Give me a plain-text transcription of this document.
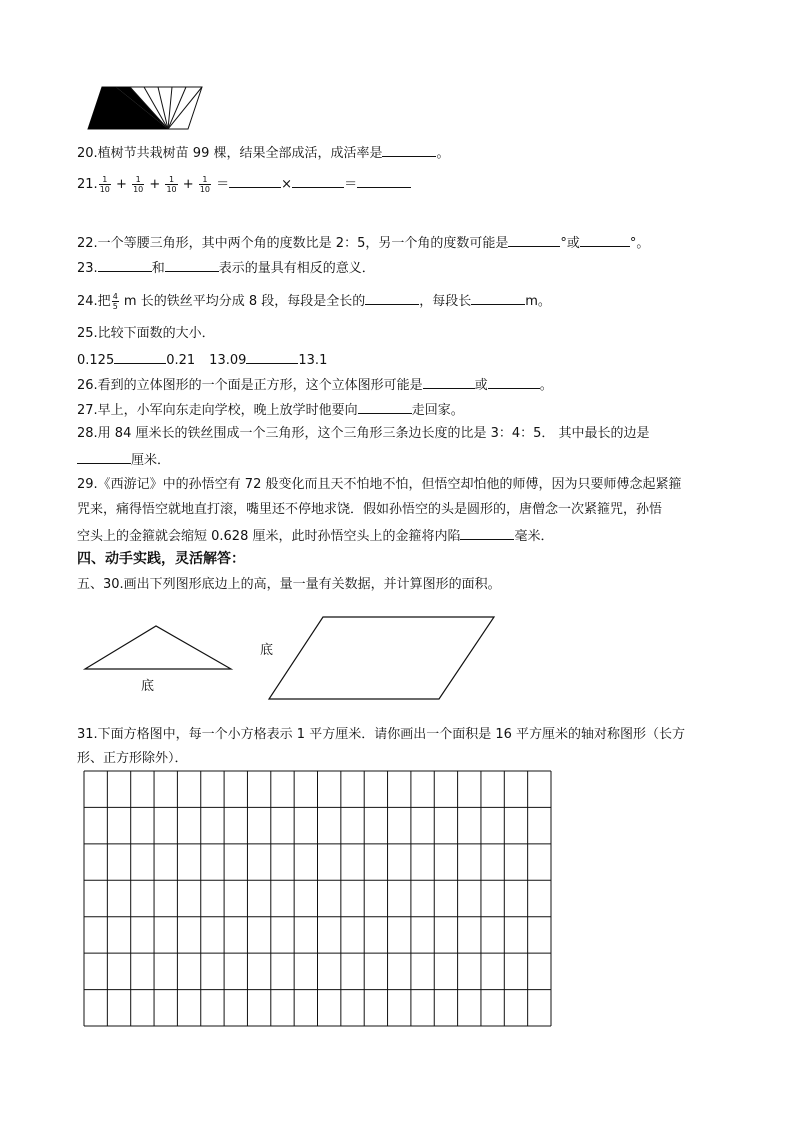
20.植树节共栽树苗 99 棵，结果全部成活，成活率是	。
21. $\frac{1}{10} + \frac{1}{10} + \frac{1}{10} + \frac{1}{10}$ ＝	×	＝
22.一个等腰三角形，其中两个角的度数比是 2：5，另一个角的度数可能是	°或	°。
23.	和	表示的量具有相反的意义．
24.把 $\frac{4}{5}$ m 长的铁丝平均分成 8 段，每段是全长的	，每段长	m。
25.比较下面数的大小．
0.125	0.21 13.09	13.1
26.看到的立体图形的一个面是正方形，这个立体图形可能是	或	。
27.早上，小军向东走向学校，晚上放学时他要向	走回家。
28.用 84 厘米长的铁丝围成一个三角形，这个三角形三条边长度的比是 3：4：5． 其中最长的边是
厘米．
29.《西游记》中的孙悟空有 72 般变化而且天不怕地不怕，但悟空却怕他的师傅，因为只要师傅念起紧箍
咒来，痛得悟空就地直打滚，嘴里还不停地求饶．假如孙悟空的头是圆形的，唐僧念一次紧箍咒，孙悟
空头上的金箍就会缩短 0.628 厘米，此时孙悟空头上的金箍将内陷	毫米．
四、动手实践，灵活解答：
五、30.画出下列图形底边上的高，量一量有关数据，并计算图形的面积。
底
底
31.下面方格图中，每一个小方格表示 1 平方厘米．请你画出一个面积是 16 平方厘米的轴对称图形（长方
形、正方形除外）．
